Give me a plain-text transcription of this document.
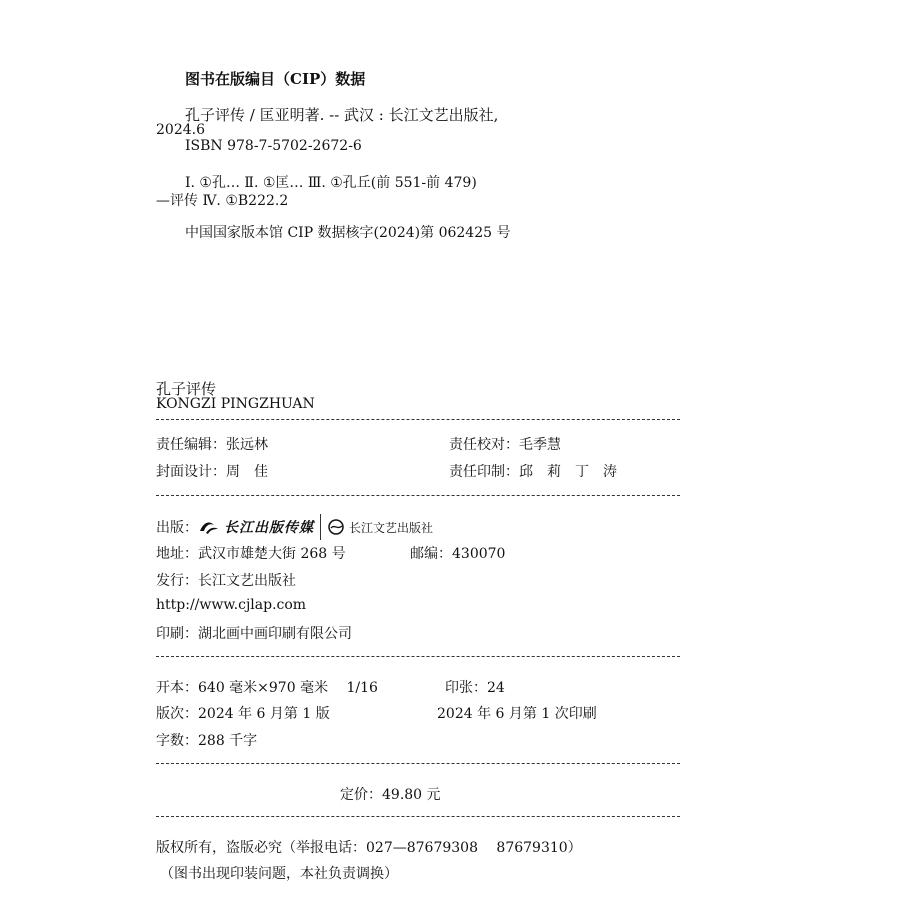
图书在版编目（CIP）数据
孔子评传 / 匡亚明著. -- 武汉 : 长江文艺出版社,
2024.6
ISBN 978-7-5702-2672-6
Ⅰ. ①孔… Ⅱ. ①匡… Ⅲ. ①孔丘(前 551-前 479)
—评传 Ⅳ. ①B222.2
中国国家版本馆 CIP 数据核字(2024)第 062425 号
孔子评传
KONGZI PINGZHUAN
责任编辑：张远林	责任校对：毛季慧
封面设计：周　佳	责任印制：邱　莉　丁　涛
出版： 长江出版传媒	长江文艺出版社
地址：武汉市雄楚大街 268 号	邮编：430070
发行：长江文艺出版社
http://www.cjlap.com
印刷：湖北画中画印刷有限公司
开本：640 毫米×970 毫米　 1/16	印张：24
版次：2024 年 6 月第 1 版	2024 年 6 月第 1 次印刷
字数：288 千字
定价：49.80 元
版权所有，盗版必究（举报电话：027—87679308　 87679310）
（图书出现印装问题，本社负责调换）
